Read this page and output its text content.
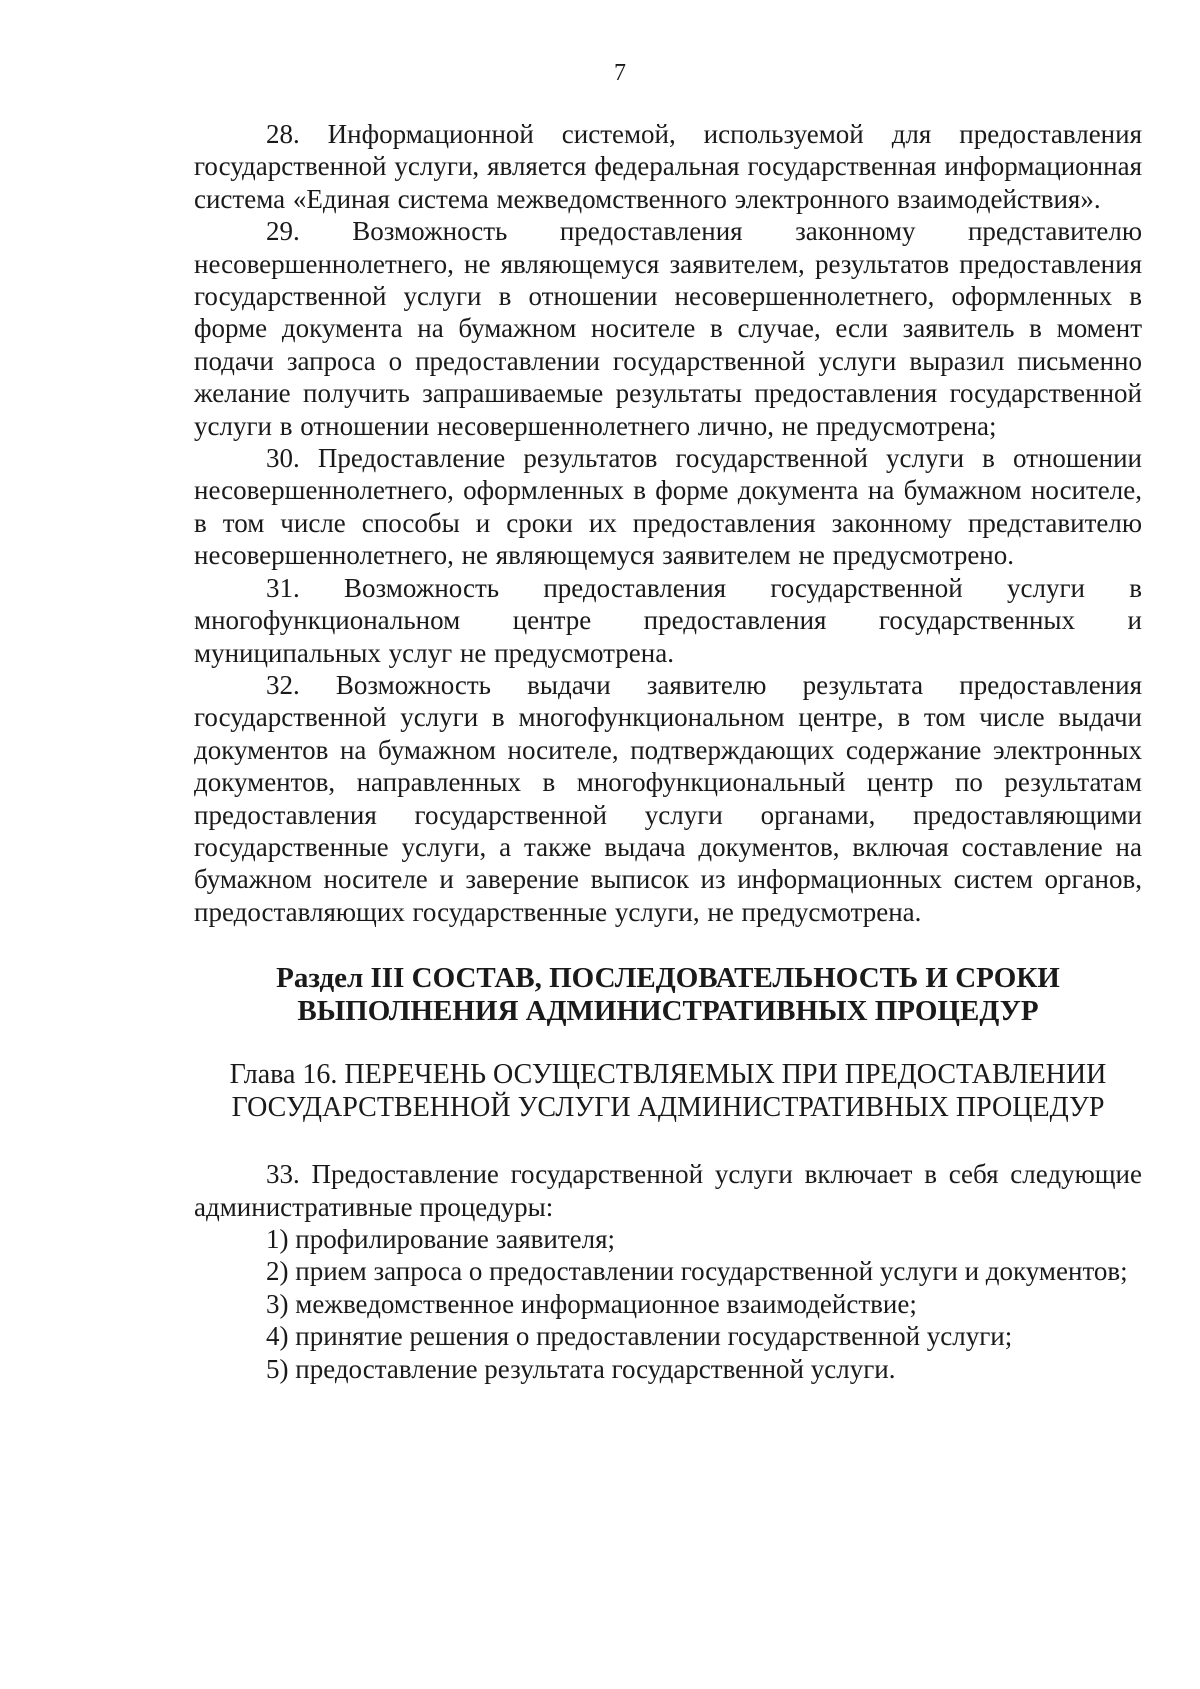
7

28. Информационной системой, используемой для предоставления государственной услуги, является федеральная государственная информационная система «Единая система межведомственного электронного взаимодействия».

29. Возможность предоставления законному представителю несовершеннолетнего, не являющемуся заявителем, результатов предоставления государственной услуги в отношении несовершеннолетнего, оформленных в форме документа на бумажном носителе в случае, если заявитель в момент подачи запроса о предоставлении государственной услуги выразил письменно желание получить запрашиваемые результаты предоставления государственной услуги в отношении несовершеннолетнего лично, не предусмотрена;

30. Предоставление результатов государственной услуги в отношении несовершеннолетнего, оформленных в форме документа на бумажном носителе, в том числе способы и сроки их предоставления законному представителю несовершеннолетнего, не являющемуся заявителем не предусмотрено.

31. Возможность предоставления государственной услуги в многофункциональном центре предоставления государственных и муниципальных услуг не предусмотрена.

32. Возможность выдачи заявителю результата предоставления государственной услуги в многофункциональном центре, в том числе выдачи документов на бумажном носителе, подтверждающих содержание электронных документов, направленных в многофункциональный центр по результатам предоставления государственной услуги органами, предоставляющими государственные услуги, а также выдача документов, включая составление на бумажном носителе и заверение выписок из информационных систем органов, предоставляющих государственные услуги, не предусмотрена.

Раздел III СОСТАВ, ПОСЛЕДОВАТЕЛЬНОСТЬ И СРОКИ
ВЫПОЛНЕНИЯ АДМИНИСТРАТИВНЫХ ПРОЦЕДУР
Глава 16. ПЕРЕЧЕНЬ ОСУЩЕСТВЛЯЕМЫХ ПРИ ПРЕДОСТАВЛЕНИИ
ГОСУДАРСТВЕННОЙ УСЛУГИ АДМИНИСТРАТИВНЫХ ПРОЦЕДУР

33. Предоставление государственной услуги включает в себя следующие административные процедуры:

1) профилирование заявителя;

2) прием запроса о предоставлении государственной услуги и документов;

3) межведомственное информационное взаимодействие;

4) принятие решения о предоставлении государственной услуги;

5) предоставление результата государственной услуги.
